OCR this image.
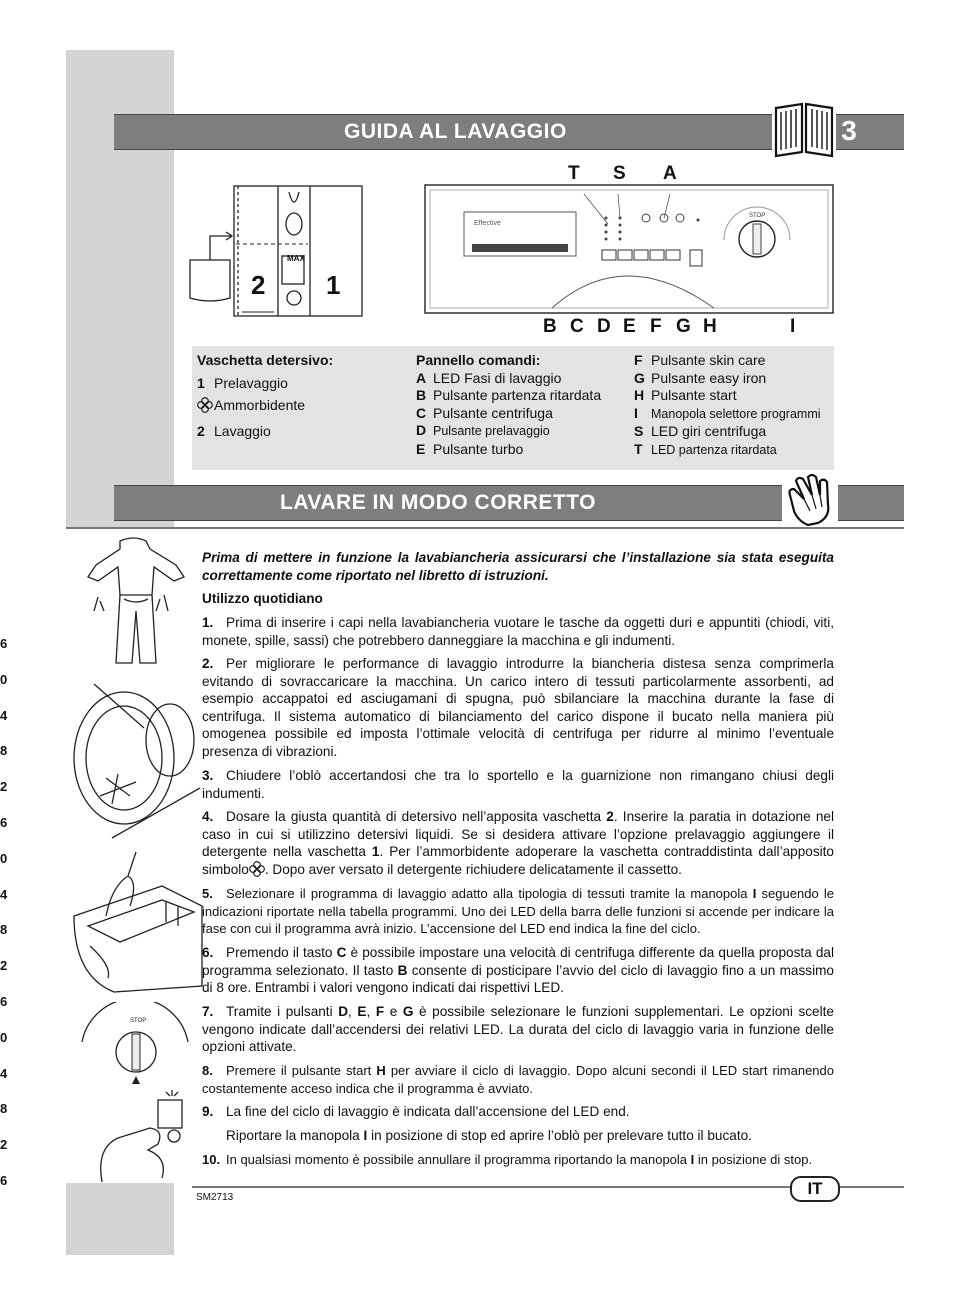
GUIDA AL LAVAGGIO	3
2 1
MAX
T S A
Effective
STOP
B C D E F G H	I
Vaschetta detersivo:
1 Prelavaggio
Ammorbidente
2 Lavaggio
Pannello comandi:
A LED Fasi di lavaggio
B Pulsante partenza ritardata
C Pulsante centrifuga
D Pulsante prelavaggio
E Pulsante turbo
F Pulsante skin care
G Pulsante easy iron
H Pulsante start
I Manopola selettore programmi
S LED giri centrifuga
T LED partenza ritardata
LAVARE IN MODO CORRETTO
6
0
4
8
2
6
0
4
8
2
6
0
4
8
2
6
STOP
Prima di mettere in funzione la lavabiancheria assicurarsi che l’installazione sia stata eseguita correttamente come riportato nel libretto di istruzioni.
Utilizzo quotidiano
1. Prima di inserire i capi nella lavabiancheria vuotare le tasche da oggetti duri e appuntiti (chiodi, viti, monete, spille, sassi) che potrebbero danneggiare la macchina e gli indumenti.
2. Per migliorare le performance di lavaggio introdurre la biancheria distesa senza comprimerla evitando di sovraccaricare la macchina. Un carico intero di tessuti particolarmente assorbenti, ad esempio accappatoi ed asciugamani di spugna, può sbilanciare la macchina durante la fase di centrifuga. Il sistema automatico di bilanciamento del carico dispone il bucato nella maniera più omogenea possibile ed imposta l’ottimale velocità di centrifuga per ridurre al minimo l’eventuale presenza di vibrazioni.
3. Chiudere l’oblò accertandosi che tra lo sportello e la guarnizione non rimangano chiusi degli indumenti.
4. Dosare la giusta quantità di detersivo nell’apposita vaschetta 2. Inserire la paratia in dotazione nel caso in cui si utilizzino detersivi liquidi. Se si desidera attivare l’opzione prelavaggio aggiungere il detergente nella vaschetta 1. Per l’ammorbidente adoperare la vaschetta contraddistinta dall’apposito simbolo . Dopo aver versato il detergente richiudere delicatamente il cassetto.
5. Selezionare il programma di lavaggio adatto alla tipologia di tessuti tramite la manopola I seguendo le indicazioni riportate nella tabella programmi. Uno dei LED della barra delle funzioni si accende per indicare la fase con cui il programma avrà inizio. L’accensione del LED end indica la fine del ciclo.
6. Premendo il tasto C è possibile impostare una velocità di centrifuga differente da quella proposta dal programma selezionato. Il tasto B consente di posticipare l’avvio del ciclo di lavaggio fino a un massimo di 8 ore. Entrambi i valori vengono indicati dai rispettivi LED.
7. Tramite i pulsanti D, E, F e G è possibile selezionare le funzioni supplementari. Le opzioni scelte vengono indicate dall’accendersi dei relativi LED. La durata del ciclo di lavaggio varia in funzione delle opzioni attivate.
8. Premere il pulsante start H per avviare il ciclo di lavaggio. Dopo alcuni secondi il LED start rimanendo costantemente acceso indica che il programma è avviato.
9. La fine del ciclo di lavaggio è indicata dall’accensione del LED end.
Riportare la manopola I in posizione di stop ed aprire l’oblò per prelevare tutto il bucato.
10. In qualsiasi momento è possibile annullare il programma riportando la manopola I in posizione di stop.
IT
SM2713
